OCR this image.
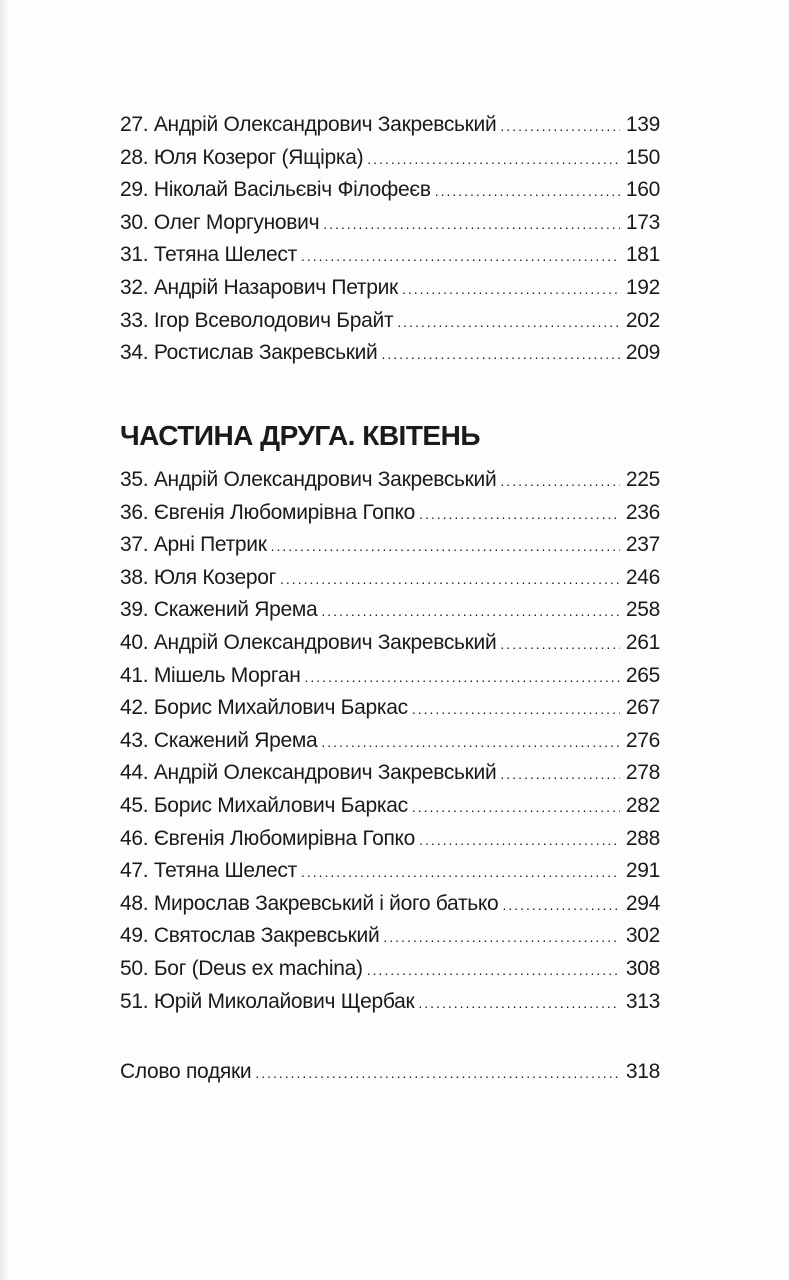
27. Андрій Олександрович Закревський .....	139
28. Юля Козерог (Ящірка) .....	150
29. Ніколай Васільєвіч Філофеєв .....	160
30. Олег Моргунович .....	173
31. Тетяна Шелест .....	181
32. Андрій Назарович Петрик .....	192
33. Ігор Всеволодович Брайт .....	202
34. Ростислав Закревський .....	209
ЧАСТИНА ДРУГА. КВІТЕНЬ
35. Андрій Олександрович Закревський .....	225
36. Євгенія Любомирівна Гопко .....	236
37. Арні Петрик .....	237
38. Юля Козерог .....	246
39. Скажений Ярема .....	258
40. Андрій Олександрович Закревський .....	261
41. Мішель Морган .....	265
42. Борис Михайлович Баркас .....	267
43. Скажений Ярема .....	276
44. Андрій Олександрович Закревський .....	278
45. Борис Михайлович Баркас .....	282
46. Євгенія Любомирівна Гопко .....	288
47. Тетяна Шелест .....	291
48. Мирослав Закревський і його батько .....	294
49. Святослав Закревський .....	302
50. Бог (Deus ex machina) .....	308
51. Юрій Миколайович Щербак .....	313
Слово подяки .....	318
